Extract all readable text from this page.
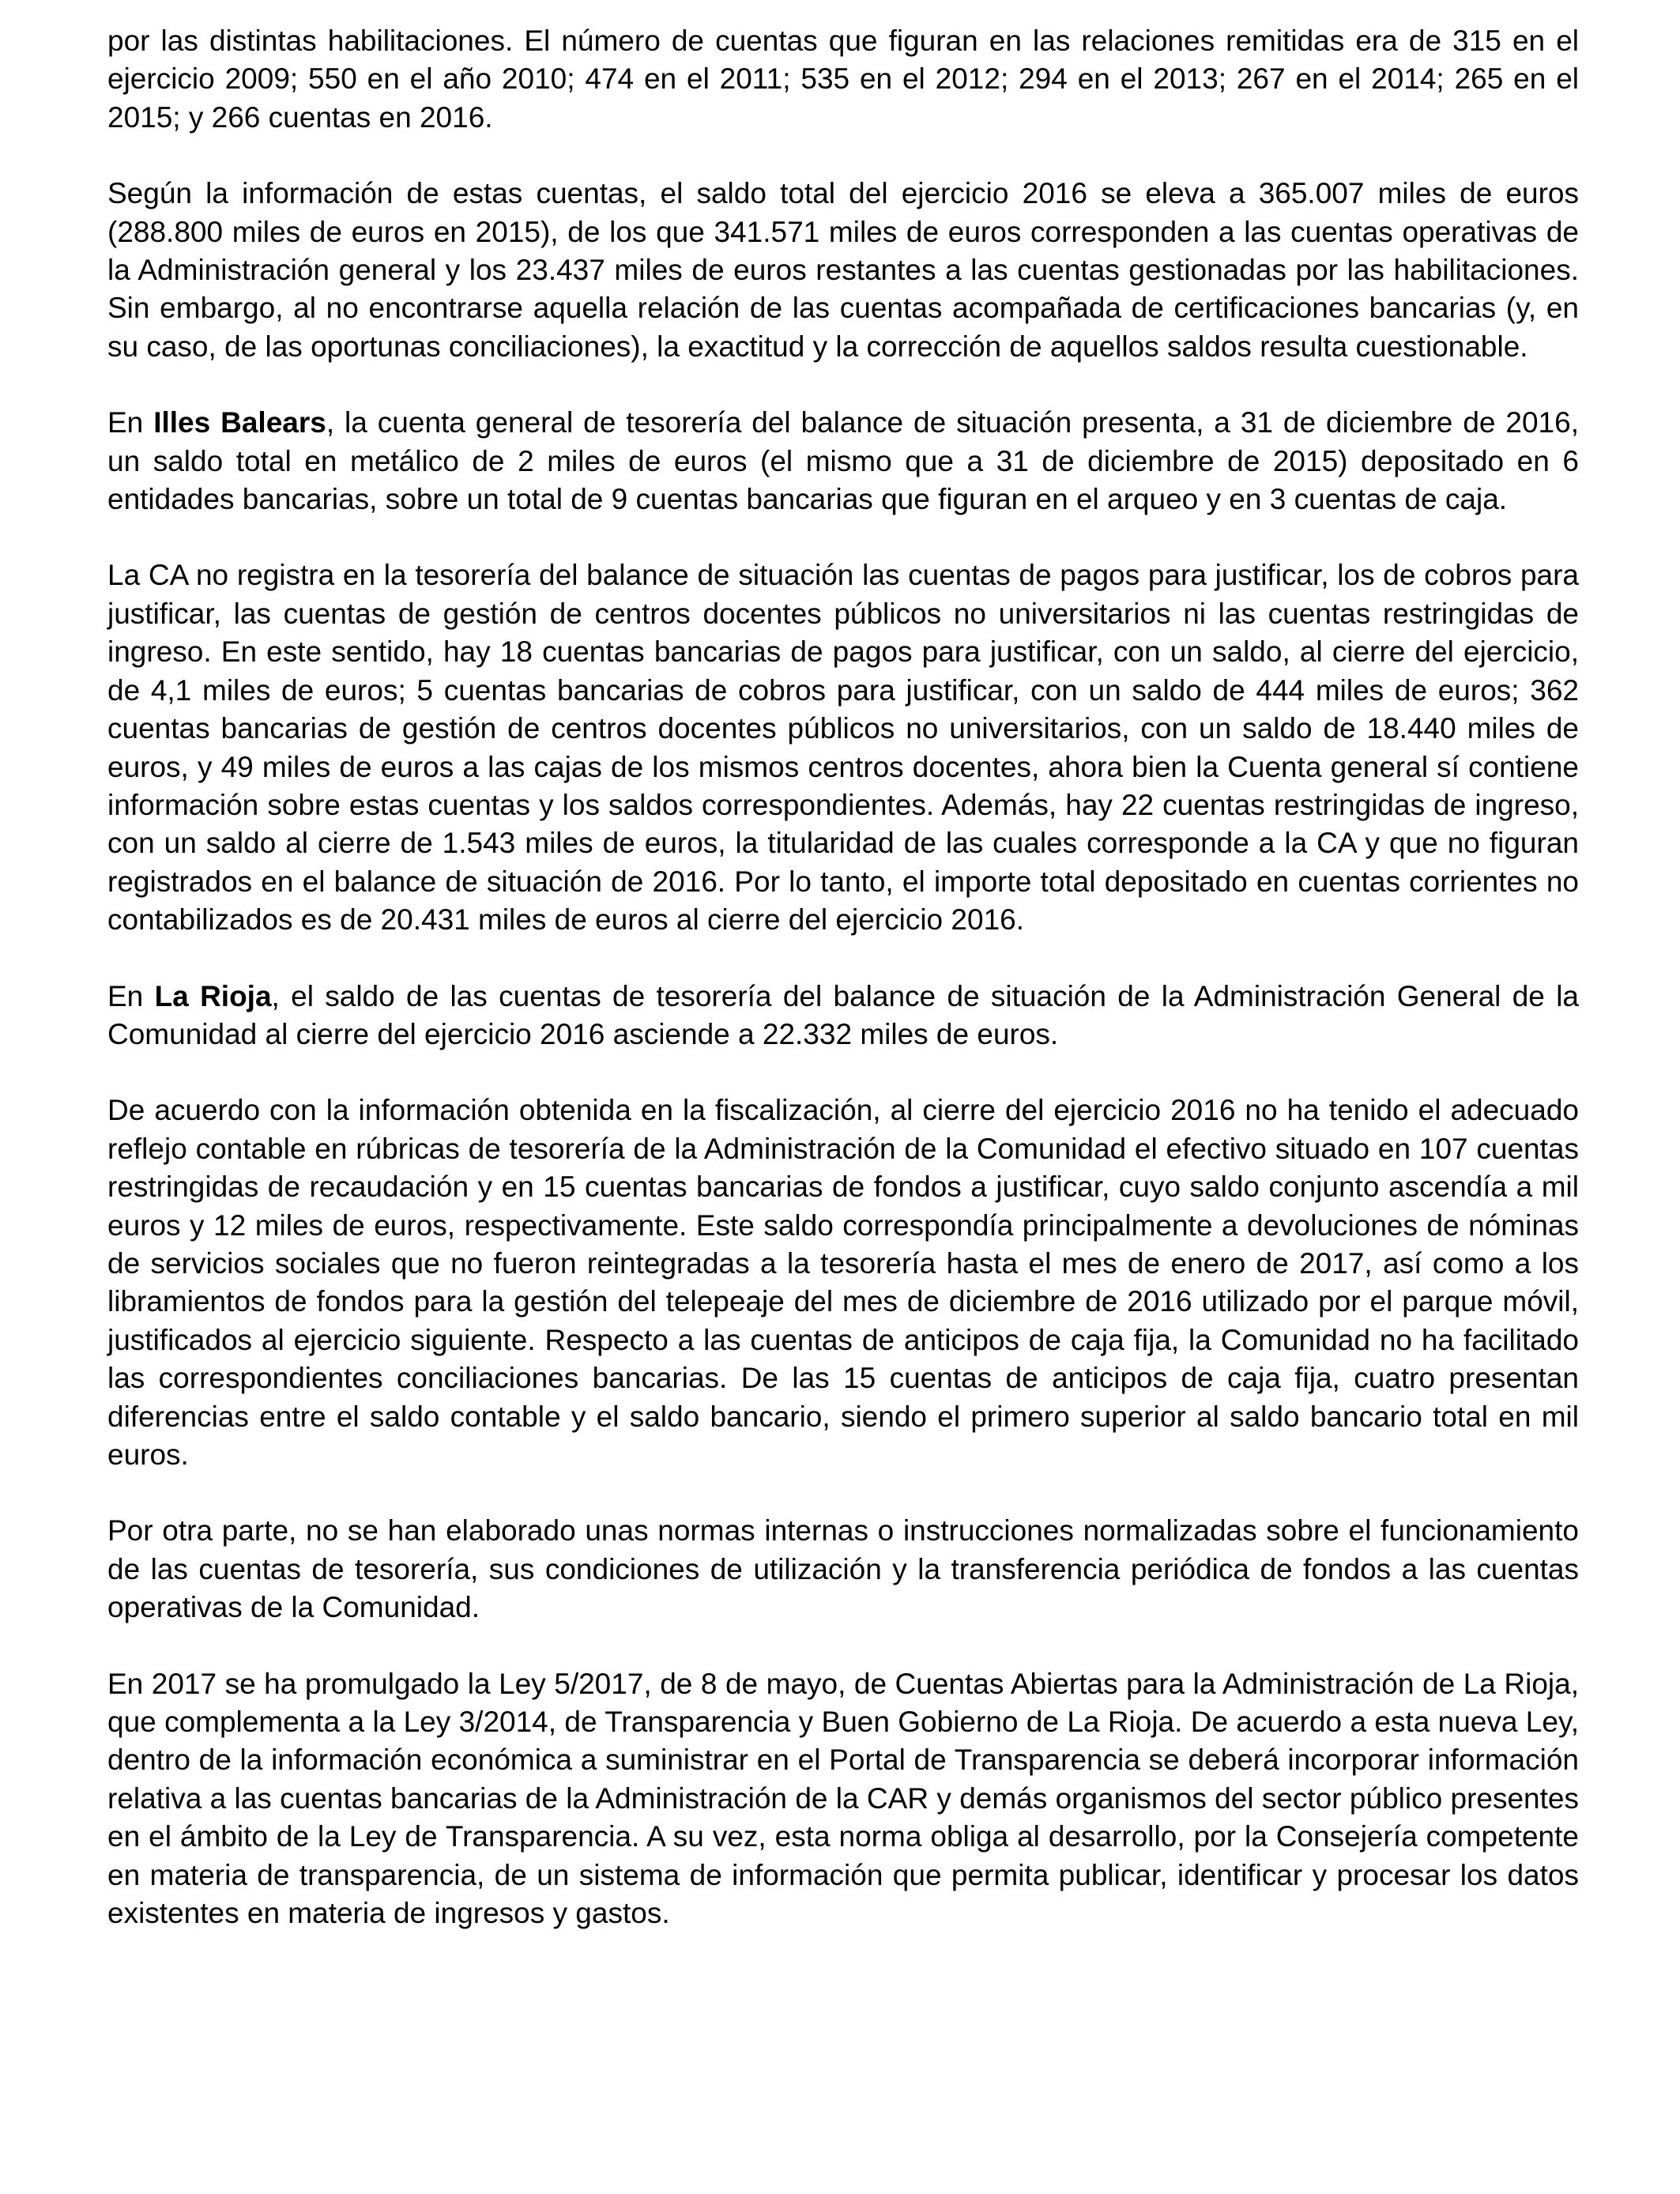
por las distintas habilitaciones. El número de cuentas que figuran en las relaciones remitidas era de 315 en el ejercicio 2009; 550 en el año 2010; 474 en el 2011; 535 en el 2012; 294 en el 2013; 267 en el 2014; 265 en el 2015; y 266 cuentas en 2016.

Según la información de estas cuentas, el saldo total del ejercicio 2016 se eleva a 365.007 miles de euros (288.800 miles de euros en 2015), de los que 341.571 miles de euros corresponden a las cuentas operativas de la Administración general y los 23.437 miles de euros restantes a las cuentas gestionadas por las habilitaciones. Sin embargo, al no encontrarse aquella relación de las cuentas acompañada de certificaciones bancarias (y, en su caso, de las oportunas conciliaciones), la exactitud y la corrección de aquellos saldos resulta cuestionable.

En Illes Balears, la cuenta general de tesorería del balance de situación presenta, a 31 de diciembre de 2016, un saldo total en metálico de 2 miles de euros (el mismo que a 31 de diciembre de 2015) depositado en 6 entidades bancarias, sobre un total de 9 cuentas bancarias que figuran en el arqueo y en 3 cuentas de caja.

La CA no registra en la tesorería del balance de situación las cuentas de pagos para justificar, los de cobros para justificar, las cuentas de gestión de centros docentes públicos no universitarios ni las cuentas restringidas de ingreso. En este sentido, hay 18 cuentas bancarias de pagos para justificar, con un saldo, al cierre del ejercicio, de 4,1 miles de euros; 5 cuentas bancarias de cobros para justificar, con un saldo de 444 miles de euros; 362 cuentas bancarias de gestión de centros docentes públicos no universitarios, con un saldo de 18.440 miles de euros, y 49 miles de euros a las cajas de los mismos centros docentes, ahora bien la Cuenta general sí contiene información sobre estas cuentas y los saldos correspondientes. Además, hay 22 cuentas restringidas de ingreso, con un saldo al cierre de 1.543 miles de euros, la titularidad de las cuales corresponde a la CA y que no figuran registrados en el balance de situación de 2016. Por lo tanto, el importe total depositado en cuentas corrientes no contabilizados es de 20.431 miles de euros al cierre del ejercicio 2016.

En La Rioja, el saldo de las cuentas de tesorería del balance de situación de la Administración General de la Comunidad al cierre del ejercicio 2016 asciende a 22.332 miles de euros.

De acuerdo con la información obtenida en la fiscalización, al cierre del ejercicio 2016 no ha tenido el adecuado reflejo contable en rúbricas de tesorería de la Administración de la Comunidad el efectivo situado en 107 cuentas restringidas de recaudación y en 15 cuentas bancarias de fondos a justificar, cuyo saldo conjunto ascendía a mil euros y 12 miles de euros, respectivamente. Este saldo correspondía principalmente a devoluciones de nóminas de servicios sociales que no fueron reintegradas a la tesorería hasta el mes de enero de 2017, así como a los libramientos de fondos para la gestión del telepeaje del mes de diciembre de 2016 utilizado por el parque móvil, justificados al ejercicio siguiente. Respecto a las cuentas de anticipos de caja fija, la Comunidad no ha facilitado las correspondientes conciliaciones bancarias. De las 15 cuentas de anticipos de caja fija, cuatro presentan diferencias entre el saldo contable y el saldo bancario, siendo el primero superior al saldo bancario total en mil euros.

Por otra parte, no se han elaborado unas normas internas o instrucciones normalizadas sobre el funcionamiento de las cuentas de tesorería, sus condiciones de utilización y la transferencia periódica de fondos a las cuentas operativas de la Comunidad.

En 2017 se ha promulgado la Ley 5/2017, de 8 de mayo, de Cuentas Abiertas para la Administración de La Rioja, que complementa a la Ley 3/2014, de Transparencia y Buen Gobierno de La Rioja. De acuerdo a esta nueva Ley, dentro de la información económica a suministrar en el Portal de Transparencia se deberá incorporar información relativa a las cuentas bancarias de la Administración de la CAR y demás organismos del sector público presentes en el ámbito de la Ley de Transparencia. A su vez, esta norma obliga al desarrollo, por la Consejería competente en materia de transparencia, de un sistema de información que permita publicar, identificar y procesar los datos existentes en materia de ingresos y gastos.
